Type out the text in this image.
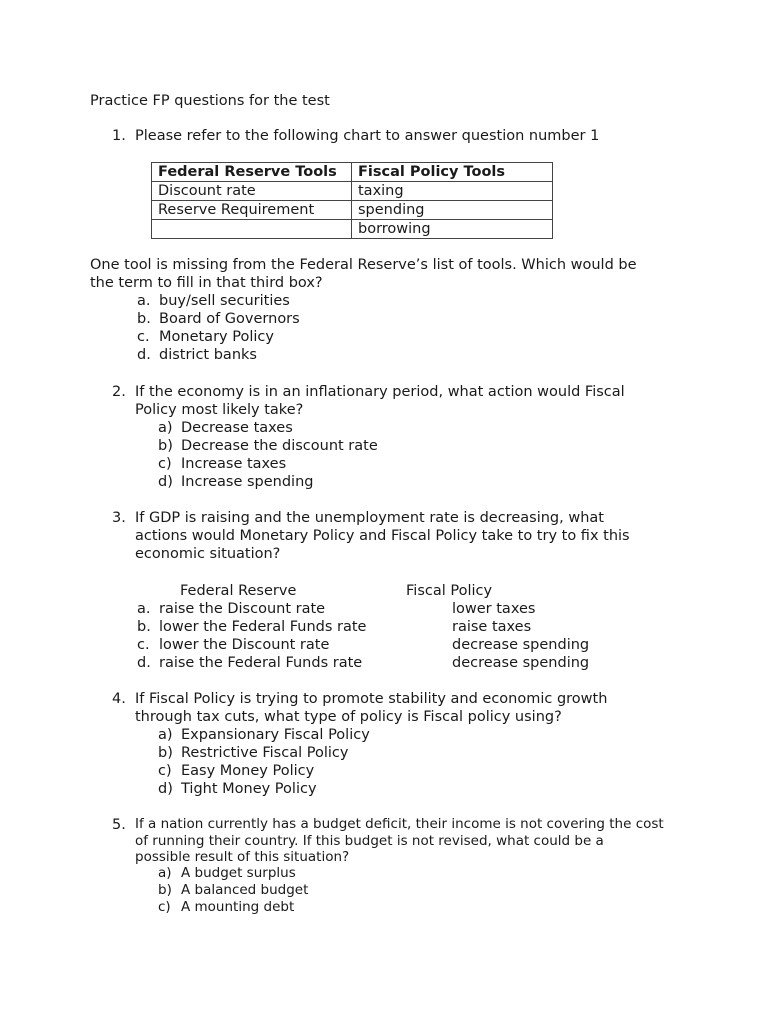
Practice FP questions for the test
1. Please refer to the following chart to answer question number 1
Federal Reserve Tools	Fiscal Policy Tools
Discount rate	taxing
Reserve Requirement	spending
	borrowing
One tool is missing from the Federal Reserve’s list of tools. Which would be
the term to fill in that third box?
a. buy/sell securities
b. Board of Governors
c. Monetary Policy
d. district banks
2. If the economy is in an inflationary period, what action would Fiscal
Policy most likely take?
a) Decrease taxes
b) Decrease the discount rate
c) Increase taxes
d) Increase spending
3. If GDP is raising and the unemployment rate is decreasing, what
actions would Monetary Policy and Fiscal Policy take to try to fix this
economic situation?
Federal Reserve	Fiscal Policy
a. raise the Discount rate	lower taxes
b. lower the Federal Funds rate	raise taxes
c. lower the Discount rate	decrease spending
d. raise the Federal Funds rate	decrease spending
4. If Fiscal Policy is trying to promote stability and economic growth
through tax cuts, what type of policy is Fiscal policy using?
a) Expansionary Fiscal Policy
b) Restrictive Fiscal Policy
c) Easy Money Policy
d) Tight Money Policy
5. If a nation currently has a budget deficit, their income is not covering the cost
of running their country. If this budget is not revised, what could be a
possible result of this situation?
a) A budget surplus
b) A balanced budget
c) A mounting debt
